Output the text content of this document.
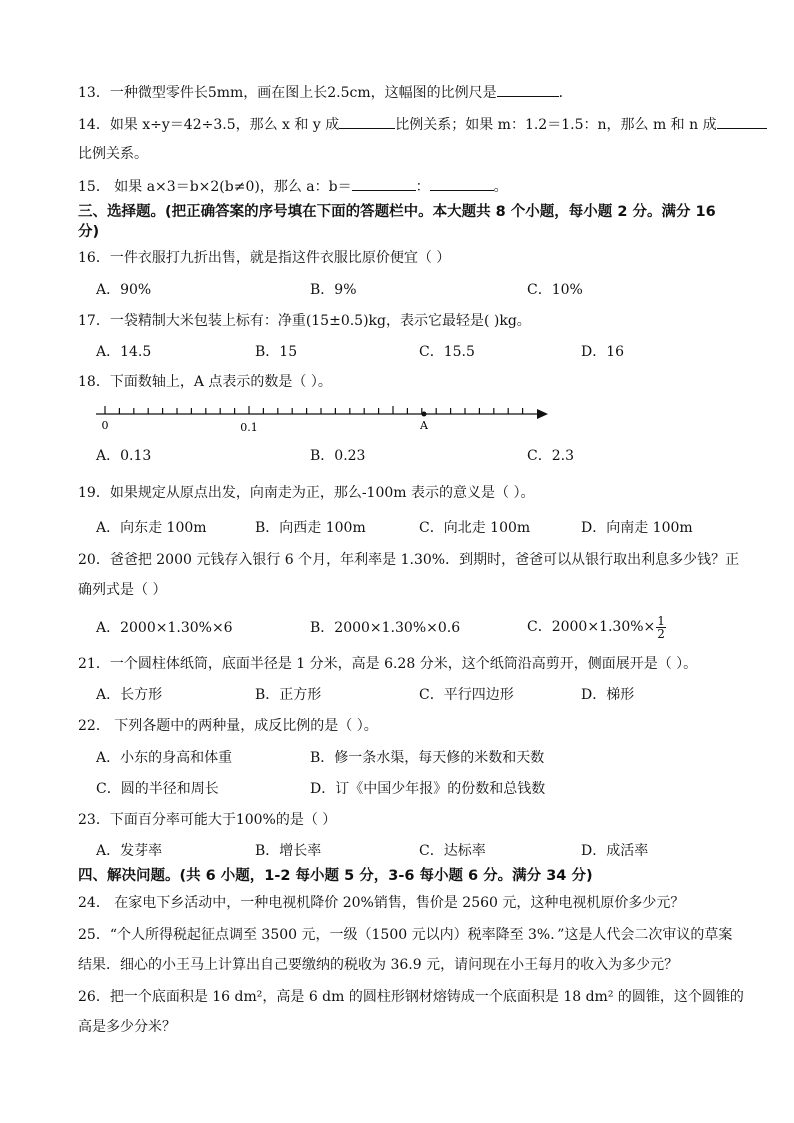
13．一种微型零件长5mm，画在图上长2.5cm，这幅图的比例尺是	．
14．如果 x÷y＝42÷3.5，那么 x 和 y 成	比例关系；如果 m：1.2＝1.5：n，那么 m 和 n 成
比例关系。
15． 如果 a×3＝b×2(b≠0)，那么 a：b＝	：	。
三、选择题。(把正确答案的序号填在下面的答题栏中。本大题共 8 个小题，每小题 2 分。满分 16
分)
16．一件衣服打九折出售，就是指这件衣服比原价便宜（ ）
A．90%	B．9%	C．10%
17．一袋精制大米包装上标有：净重(15±0.5)kg，表示它最轻是( )kg。
A．14.5	B．15	C．15.5	D．16
18．下面数轴上，A 点表示的数是（ ）。
0	0.1	A
A．0.13	B．0.23	C．2.3
19．如果规定从原点出发，向南走为正，那么-100m 表示的意义是（ ）。
A．向东走 100m	B．向西走 100m	C．向北走 100m	D．向南走 100m
20．爸爸把 2000 元钱存入银行 6 个月，年利率是 1.30%．到期时，爸爸可以从银行取出利息多少钱？正
确列式是（ ）
A．2000×1.30%×6	B．2000×1.30%×0.6	C．$2000\times 1.30\%\times \frac{1}{2}$
21．一个圆柱体纸筒，底面半径是 1 分米，高是 6.28 分米，这个纸筒沿高剪开，侧面展开是（ ）。
A．长方形	B．正方形	C．平行四边形	D．梯形
22． 下列各题中的两种量，成反比例的是（ ）。
A．小东的身高和体重	B．修一条水渠，每天修的米数和天数
C．圆的半径和周长	D．订《中国少年报》的份数和总钱数
23．下面百分率可能大于100%的是（ ）
A．发芽率	B．增长率	C．达标率	D．成活率
四、解决问题。(共 6 小题，1-2 每小题 5 分，3-6 每小题 6 分。满分 34 分)
24． 在家电下乡活动中，一种电视机降价 20%销售，售价是 2560 元，这种电视机原价多少元？
25．“个人所得税起征点调至 3500 元，一级（1500 元以内）税率降至 3%．”这是人代会二次审议的草案
结果．细心的小王马上计算出自己要缴纳的税收为 36.9 元，请问现在小王每月的收入为多少元？
26．把一个底面积是 16 dm²，高是 6 dm 的圆柱形钢材熔铸成一个底面积是 18 dm² 的圆锥，这个圆锥的
高是多少分米？
